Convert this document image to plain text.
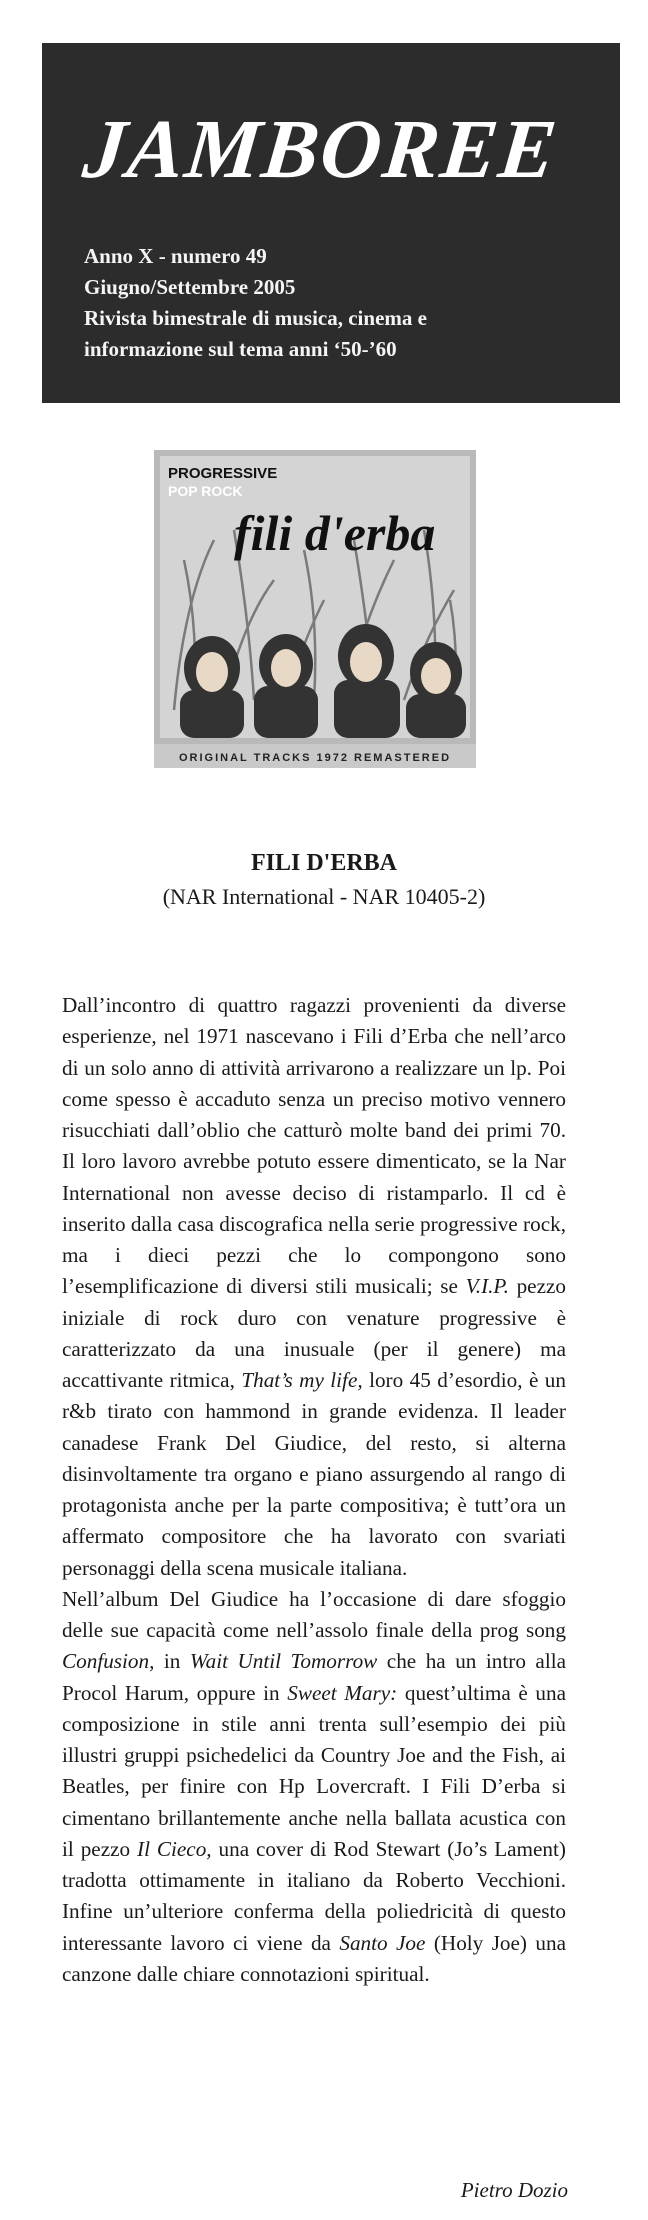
JAMBOREE
Anno X - numero 49
Giugno/Settembre 2005
Rivista bimestrale di musica, cinema e
informazione sul tema anni ‘50-’60
PROGRESSIVE
POP ROCK
fili d'erba
ORIGINAL TRACKS 1972 REMASTERED
FILI D'ERBA
(NAR International - NAR 10405-2)

Dall’incontro di quattro ragazzi provenienti da diverse esperienze, nel 1971 nascevano i Fili d’Erba che nell’arco di un solo anno di attività arrivarono a realizzare un lp. Poi come spesso è accaduto senza un preciso motivo vennero risucchiati dall’oblio che catturò molte band dei primi 70. Il loro lavoro avrebbe potuto essere dimenticato, se la Nar International non avesse deciso di ristamparlo. Il cd è inserito dalla casa discografica nella serie progressive rock, ma i dieci pezzi che lo compongono sono l’esemplificazione di diversi stili musicali; se V.I.P. pezzo iniziale di rock duro con venature progressive è caratterizzato da una inusuale (per il genere) ma accattivante ritmica, That’s my life, loro 45 d’esordio, è un r&b tirato con hammond in grande evidenza. Il leader canadese Frank Del Giudice, del resto, si alterna disinvoltamente tra organo e piano assurgendo al rango di protagonista anche per la parte compositiva; è tutt’ora un affermato compositore che ha lavorato con svariati personaggi della scena musicale italiana.

Nell’album Del Giudice ha l’occasione di dare sfoggio delle sue capacità come nell’assolo finale della prog song Confusion, in Wait Until Tomorrow che ha un intro alla Procol Harum, oppure in Sweet Mary: quest’ultima è una composizione in stile anni trenta sull’esempio dei più illustri gruppi psichedelici da Country Joe and the Fish, ai Beatles, per finire con Hp Lovercraft. I Fili D’erba si cimentano brillantemente anche nella ballata acustica con il pezzo Il Cieco, una cover di Rod Stewart (Jo’s Lament) tradotta ottimamente in italiano da Roberto Vecchioni. Infine un’ulteriore conferma della poliedricità di questo interessante lavoro ci viene da Santo Joe (Holy Joe) una canzone dalle chiare connotazioni spiritual.

Pietro Dozio
